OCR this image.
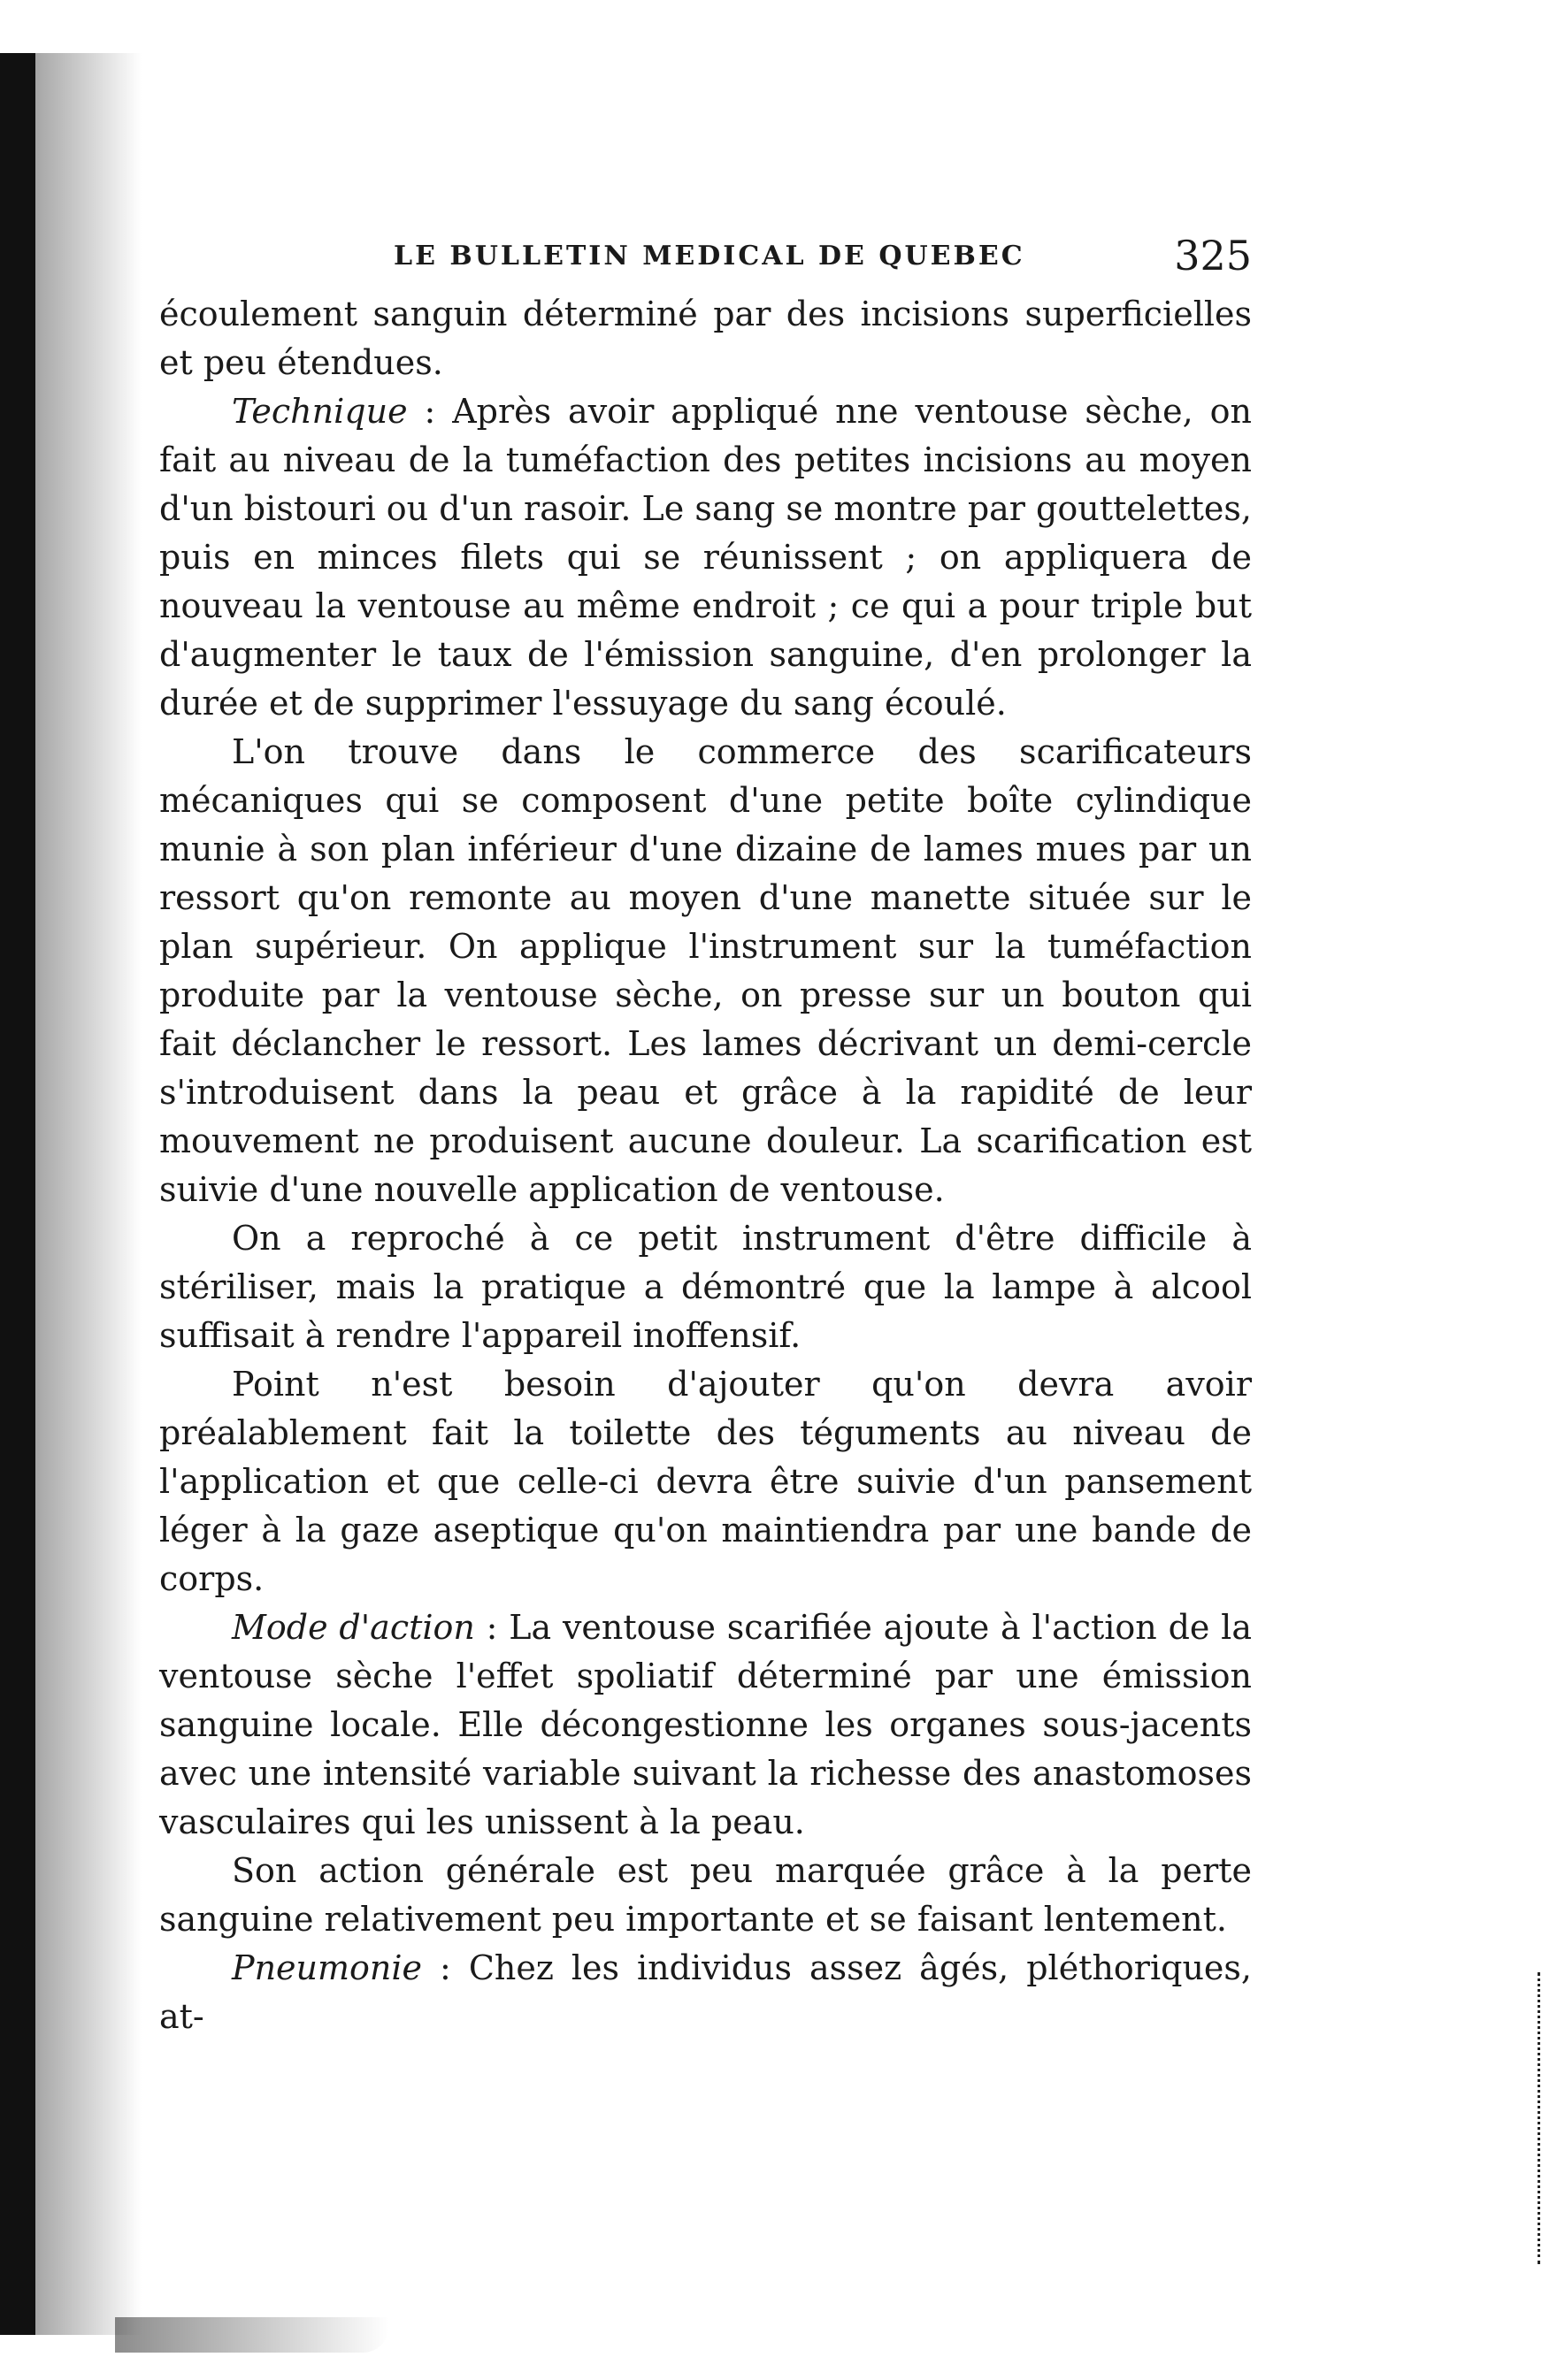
LE BULLETIN MEDICAL DE QUEBEC	325

écoulement sanguin déterminé par des incisions superficielles et peu étendues.

Technique : Après avoir appliqué nne ventouse sèche, on fait au niveau de la tuméfaction des petites incisions au moyen d'un bistouri ou d'un rasoir. Le sang se montre par gouttelettes, puis en minces filets qui se réunissent ; on appliquera de nouveau la ventouse au même endroit ; ce qui a pour triple but d'augmenter le taux de l'émission sanguine, d'en prolonger la durée et de supprimer l'essuyage du sang écoulé.

L'on trouve dans le commerce des scarificateurs mécaniques qui se composent d'une petite boîte cylindique munie à son plan inférieur d'une dizaine de lames mues par un ressort qu'on remonte au moyen d'une manette située sur le plan supérieur. On applique l'instrument sur la tuméfaction produite par la ventouse sèche, on presse sur un bouton qui fait déclancher le ressort. Les lames décrivant un demi-cercle s'introduisent dans la peau et grâce à la rapidité de leur mouvement ne produisent aucune douleur. La scarification est suivie d'une nouvelle application de ventouse.

On a reproché à ce petit instrument d'être difficile à stériliser, mais la pratique a démontré que la lampe à alcool suffisait à rendre l'appareil inoffensif.

Point n'est besoin d'ajouter qu'on devra avoir préalablement fait la toilette des téguments au niveau de l'application et que celle-ci devra être suivie d'un pansement léger à la gaze aseptique qu'on maintiendra par une bande de corps.

Mode d'action : La ventouse scarifiée ajoute à l'action de la ventouse sèche l'effet spoliatif déterminé par une émission sanguine locale. Elle décongestionne les organes sous-jacents avec une intensité variable suivant la richesse des anastomoses vasculaires qui les unissent à la peau.

Son action générale est peu marquée grâce à la perte sanguine relativement peu importante et se faisant lentement.

Pneumonie : Chez les individus assez âgés, pléthoriques, at-
